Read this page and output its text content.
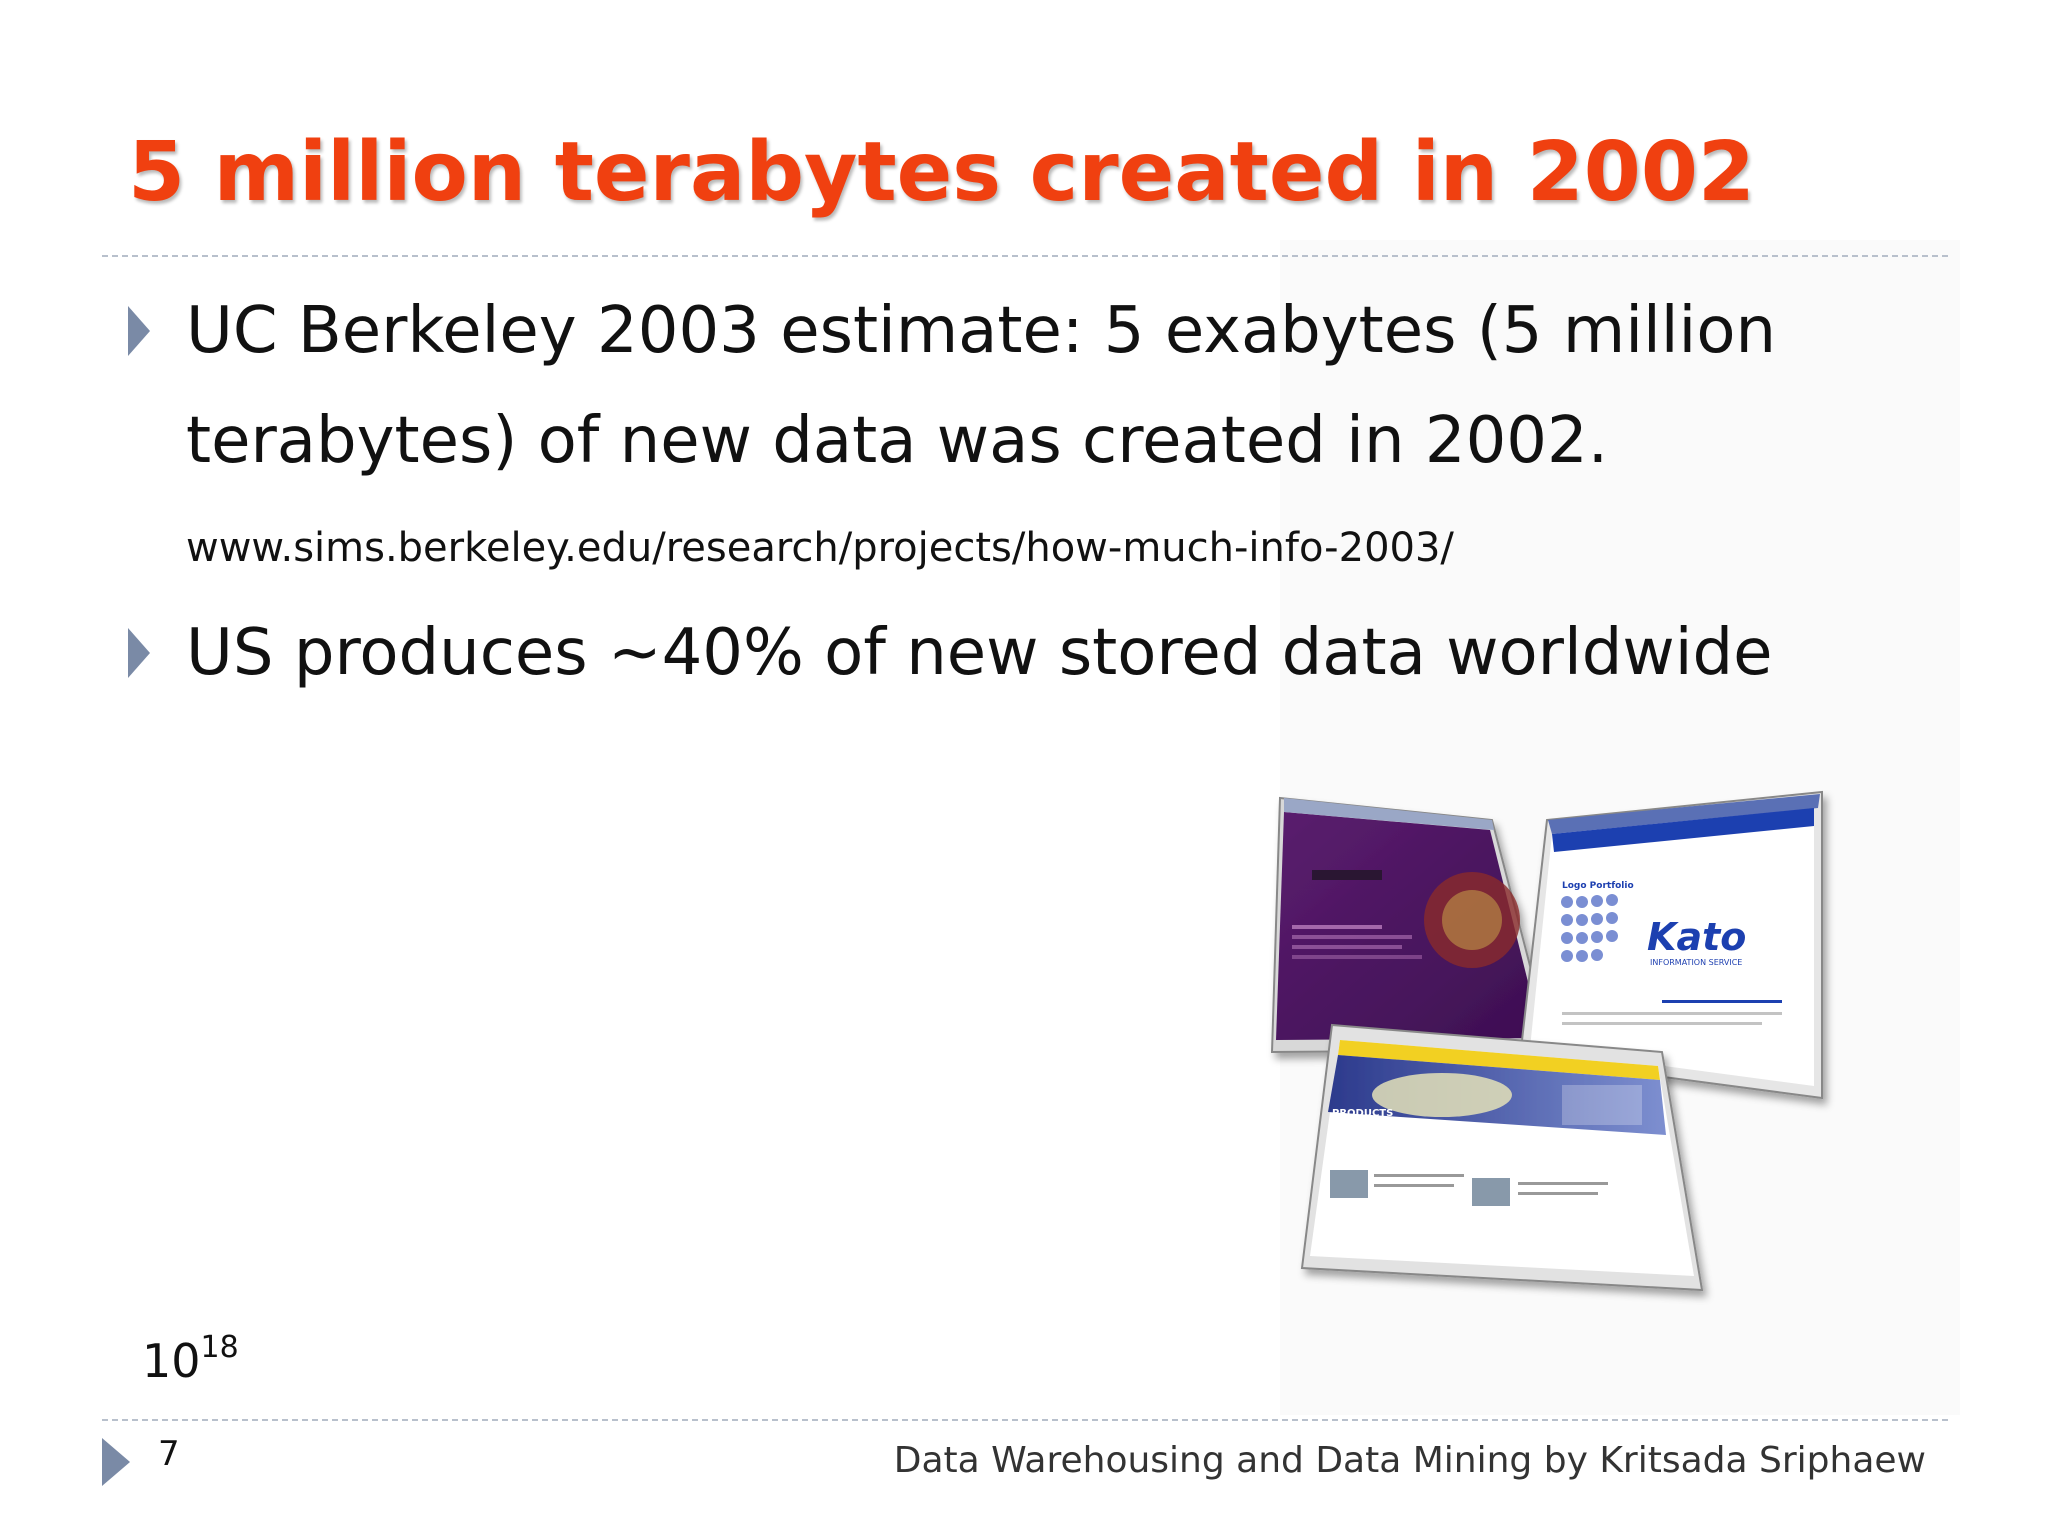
5 million terabytes created in 2002
UC Berkeley 2003 estimate: 5 exabytes (5 million terabytes) of new data was created in 2002.
www.sims.berkeley.edu/research/projects/how-much-info-2003/
US produces ~40% of new stored data worldwide
Logo Portfolio
Kato
INFORMATION SERVICE
PRODUCTS
$10^{18}$
7	Data Warehousing and Data Mining by Kritsada Sriphaew
